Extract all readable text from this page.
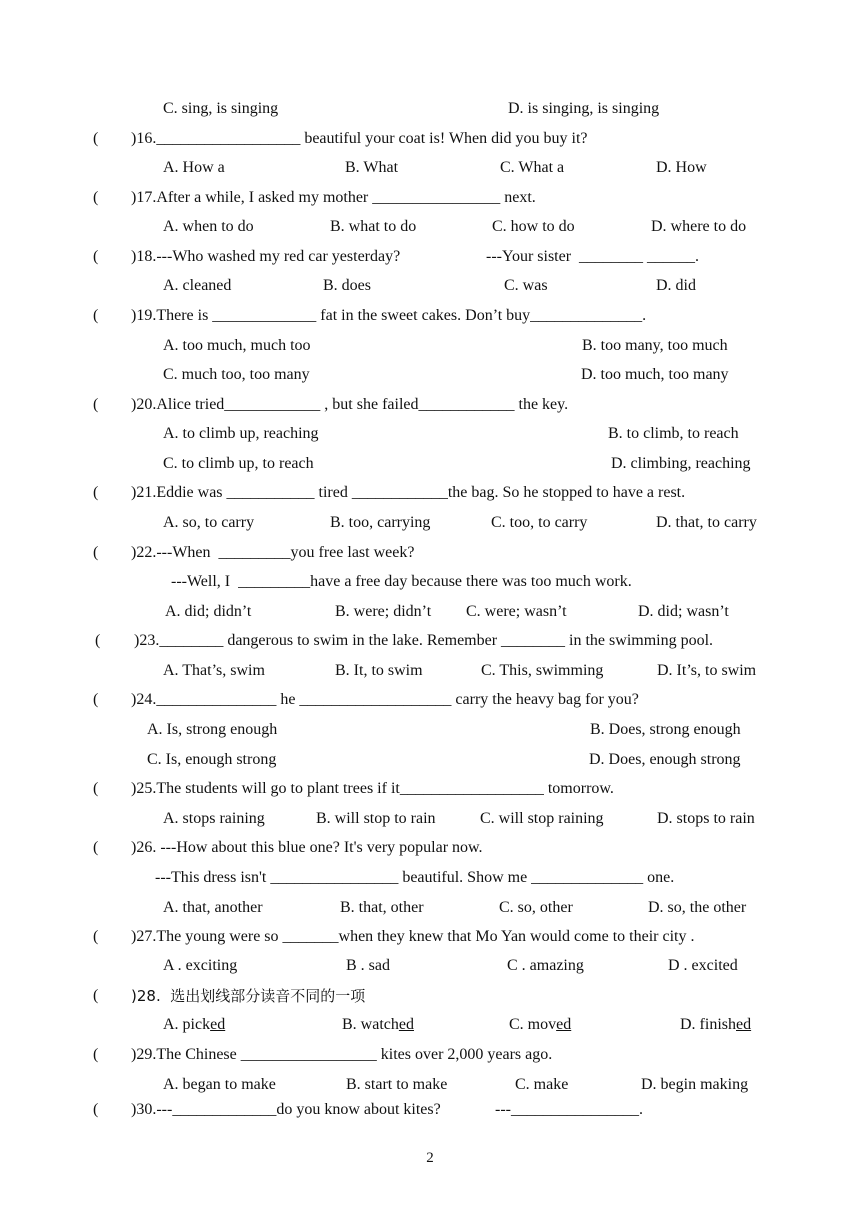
C. sing, is singing	D. is singing, is singing
( )16.__________________ beautiful your coat is! When did you buy it?
A. How a	B. What	C. What a	D. How
( )17.After a while, I asked my mother ________________ next.
A. when to do	B. what to do	C. how to do	D. where to do
( )18.---Who washed my red car yesterday?	---Your sister  ________ ______.
A. cleaned	B. does	C. was	D. did
( )19.There is _____________ fat in the sweet cakes. Don’t buy______________.
A. too much, much too	B. too many, too much
C. much too, too many	D. too much, too many
( )20.Alice tried____________ , but she failed____________ the key.
A. to climb up, reaching	B. to climb, to reach
C. to climb up, to reach	D. climbing, reaching
( )21.Eddie was ___________ tired ____________the bag. So he stopped to have a rest.
A. so, to carry	B. too, carrying	C. too, to carry	D. that, to carry
( )22.---When  _________you free last week?
---Well, I  _________have a free day because there was too much work.
A. did; didn’t	B. were; didn’t C. were; wasn’t	D. did; wasn’t
( )23.________ dangerous to swim in the lake. Remember ________ in the swimming pool.
A. That’s, swim	B. It, to swim	C. This, swimming	D. It’s, to swim
( )24._______________ he ___________________ carry the heavy bag for you?
A. Is, strong enough	B. Does, strong enough
C. Is, enough strong	D. Does, enough strong
( )25.The students will go to plant trees if it__________________ tomorrow.
A. stops raining	B. will stop to rain	C. will stop raining	D. stops to rain
( )26. ---How about this blue one? It's very popular now.
---This dress isn't ________________ beautiful. Show me ______________ one.
A. that, another	B. that, other	C. so, other	D. so, the other
( )27.The young were so _______when they knew that Mo Yan would come to their city .
A . exciting	B . sad	C . amazing	D . excited
( )28.  选出划线部分读音不同的一项
A. picked	B. watched	C. moved	D. finished
( )29.The Chinese _________________ kites over 2,000 years ago.
A. began to make	B. start to make	C. make	D. begin making
( )30.---_____________do you know about kites?	---________________.
2
